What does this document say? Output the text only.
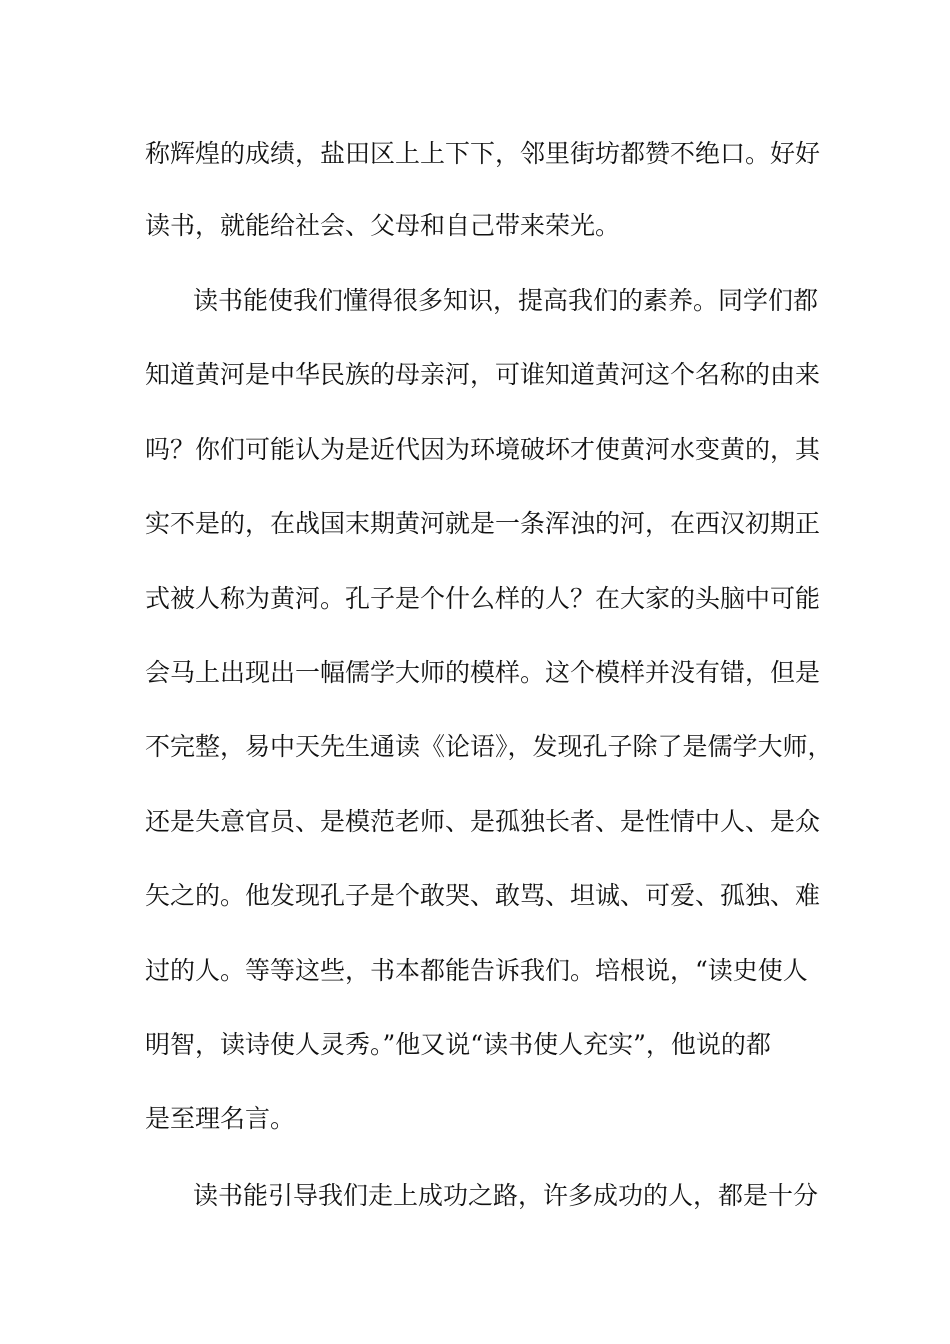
称辉煌的成绩，盐田区上上下下，邻里街坊都赞不绝口。好好
读书，就能给社会、父母和自己带来荣光。
读书能使我们懂得很多知识，提高我们的素养。同学们都
知道黄河是中华民族的母亲河，可谁知道黄河这个名称的由来
吗？你们可能认为是近代因为环境破坏才使黄河水变黄的，其
实不是的，在战国末期黄河就是一条浑浊的河，在西汉初期正
式被人称为黄河。孔子是个什么样的人？在大家的头脑中可能
会马上出现出一幅儒学大师的模样。这个模样并没有错，但是
不完整，易中天先生通读《论语》，发现孔子除了是儒学大师，
还是失意官员、是模范老师、是孤独长者、是性情中人、是众
矢之的。他发现孔子是个敢哭、敢骂、坦诚、可爱、孤独、难
过的人。等等这些，书本都能告诉我们。培根说，“读史使人
明智，读诗使人灵秀。”他又说“读书使人充实”，他说的都
是至理名言。
读书能引导我们走上成功之路，许多成功的人，都是十分
